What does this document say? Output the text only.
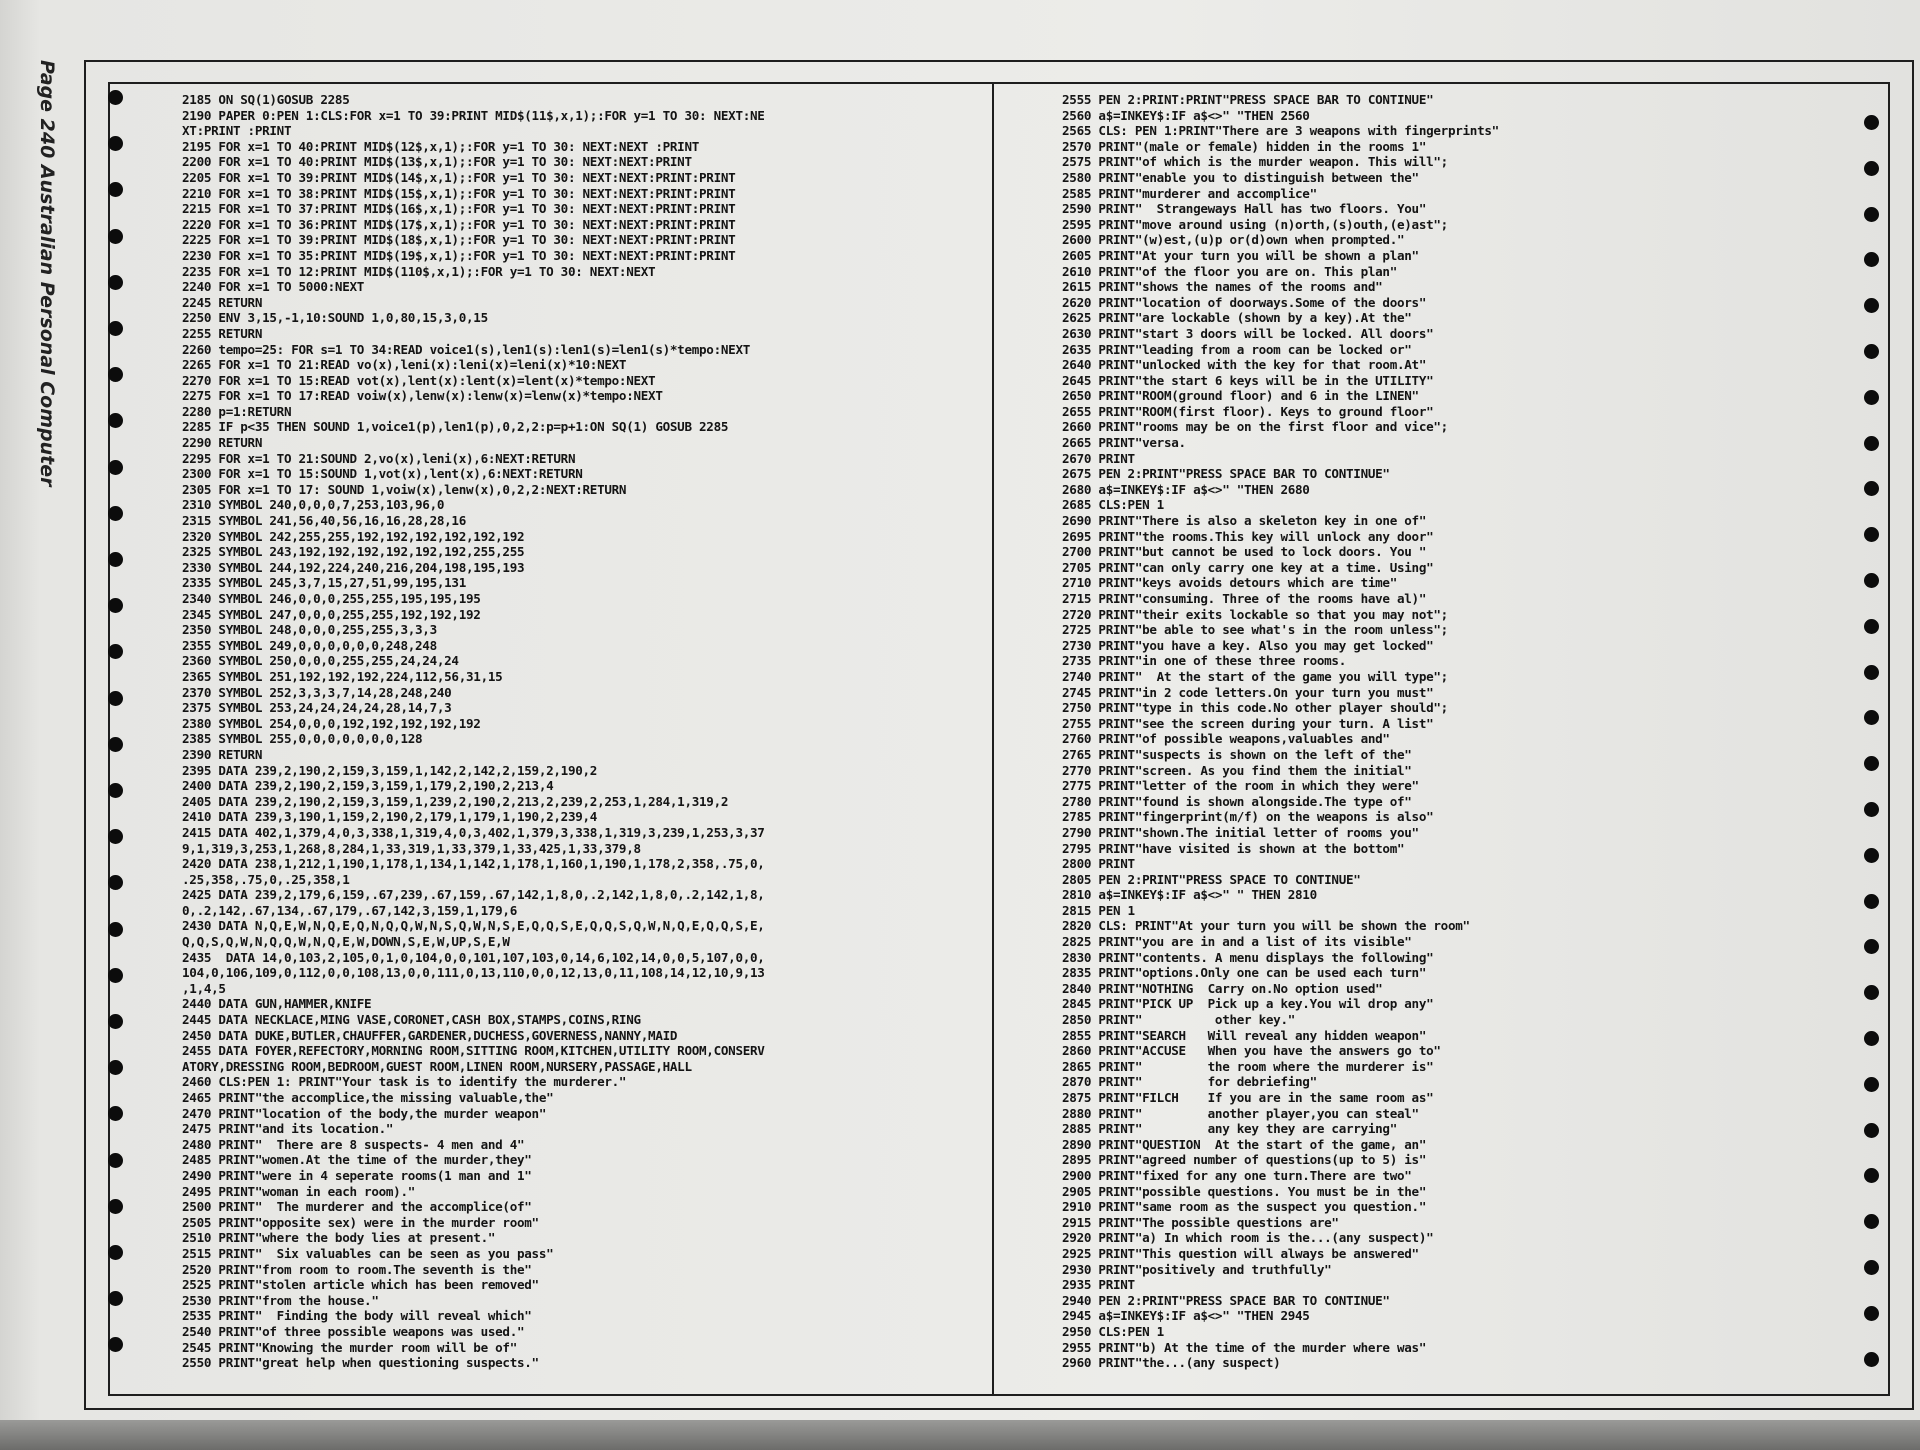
Page 240 Australian Personal Computer	2185 ON SQ(1)GOSUB 2285
2190 PAPER 0:PEN 1:CLS:FOR x=1 TO 39:PRINT MID$(11$,x,1);:FOR y=1 TO 30: NEXT:NE
XT:PRINT :PRINT
2195 FOR x=1 TO 40:PRINT MID$(12$,x,1);:FOR y=1 TO 30: NEXT:NEXT :PRINT
2200 FOR x=1 TO 40:PRINT MID$(13$,x,1);:FOR y=1 TO 30: NEXT:NEXT:PRINT
2205 FOR x=1 TO 39:PRINT MID$(14$,x,1);:FOR y=1 TO 30: NEXT:NEXT:PRINT:PRINT
2210 FOR x=1 TO 38:PRINT MID$(15$,x,1);:FOR y=1 TO 30: NEXT:NEXT:PRINT:PRINT
2215 FOR x=1 TO 37:PRINT MID$(16$,x,1);:FOR y=1 TO 30: NEXT:NEXT:PRINT:PRINT
2220 FOR x=1 TO 36:PRINT MID$(17$,x,1);:FOR y=1 TO 30: NEXT:NEXT:PRINT:PRINT
2225 FOR x=1 TO 39:PRINT MID$(18$,x,1);:FOR y=1 TO 30: NEXT:NEXT:PRINT:PRINT
2230 FOR x=1 TO 35:PRINT MID$(19$,x,1);:FOR y=1 TO 30: NEXT:NEXT:PRINT:PRINT
2235 FOR x=1 TO 12:PRINT MID$(110$,x,1);:FOR y=1 TO 30: NEXT:NEXT
2240 FOR x=1 TO 5000:NEXT
2245 RETURN
2250 ENV 3,15,-1,10:SOUND 1,0,80,15,3,0,15
2255 RETURN
2260 tempo=25: FOR s=1 TO 34:READ voice1(s),len1(s):len1(s)=len1(s)*tempo:NEXT
2265 FOR x=1 TO 21:READ vo(x),leni(x):leni(x)=leni(x)*10:NEXT
2270 FOR x=1 TO 15:READ vot(x),lent(x):lent(x)=lent(x)*tempo:NEXT
2275 FOR x=1 TO 17:READ voiw(x),lenw(x):lenw(x)=lenw(x)*tempo:NEXT
2280 p=1:RETURN
2285 IF p<35 THEN SOUND 1,voice1(p),len1(p),0,2,2:p=p+1:ON SQ(1) GOSUB 2285
2290 RETURN
2295 FOR x=1 TO 21:SOUND 2,vo(x),leni(x),6:NEXT:RETURN
2300 FOR x=1 TO 15:SOUND 1,vot(x),lent(x),6:NEXT:RETURN
2305 FOR x=1 TO 17: SOUND 1,voiw(x),lenw(x),0,2,2:NEXT:RETURN
2310 SYMBOL 240,0,0,0,7,253,103,96,0
2315 SYMBOL 241,56,40,56,16,16,28,28,16
2320 SYMBOL 242,255,255,192,192,192,192,192,192
2325 SYMBOL 243,192,192,192,192,192,192,255,255
2330 SYMBOL 244,192,224,240,216,204,198,195,193
2335 SYMBOL 245,3,7,15,27,51,99,195,131
2340 SYMBOL 246,0,0,0,255,255,195,195,195
2345 SYMBOL 247,0,0,0,255,255,192,192,192
2350 SYMBOL 248,0,0,0,255,255,3,3,3
2355 SYMBOL 249,0,0,0,0,0,0,248,248
2360 SYMBOL 250,0,0,0,255,255,24,24,24
2365 SYMBOL 251,192,192,192,224,112,56,31,15
2370 SYMBOL 252,3,3,3,7,14,28,248,240
2375 SYMBOL 253,24,24,24,24,28,14,7,3
2380 SYMBOL 254,0,0,0,192,192,192,192,192
2385 SYMBOL 255,0,0,0,0,0,0,0,128
2390 RETURN
2395 DATA 239,2,190,2,159,3,159,1,142,2,142,2,159,2,190,2
2400 DATA 239,2,190,2,159,3,159,1,179,2,190,2,213,4
2405 DATA 239,2,190,2,159,3,159,1,239,2,190,2,213,2,239,2,253,1,284,1,319,2
2410 DATA 239,3,190,1,159,2,190,2,179,1,179,1,190,2,239,4
2415 DATA 402,1,379,4,0,3,338,1,319,4,0,3,402,1,379,3,338,1,319,3,239,1,253,3,37
9,1,319,3,253,1,268,8,284,1,33,319,1,33,379,1,33,425,1,33,379,8
2420 DATA 238,1,212,1,190,1,178,1,134,1,142,1,178,1,160,1,190,1,178,2,358,.75,0,
.25,358,.75,0,.25,358,1
2425 DATA 239,2,179,6,159,.67,239,.67,159,.67,142,1,8,0,.2,142,1,8,0,.2,142,1,8,
0,.2,142,.67,134,.67,179,.67,142,3,159,1,179,6
2430 DATA N,Q,E,W,N,Q,E,Q,N,Q,Q,W,N,S,Q,W,N,S,E,Q,Q,S,E,Q,Q,S,Q,W,N,Q,E,Q,Q,S,E,
Q,Q,S,Q,W,N,Q,Q,W,N,Q,E,W,DOWN,S,E,W,UP,S,E,W
2435  DATA 14,0,103,2,105,0,1,0,104,0,0,101,107,103,0,14,6,102,14,0,0,5,107,0,0,
104,0,106,109,0,112,0,0,108,13,0,0,111,0,13,110,0,0,12,13,0,11,108,14,12,10,9,13
,1,4,5
2440 DATA GUN,HAMMER,KNIFE
2445 DATA NECKLACE,MING VASE,CORONET,CASH BOX,STAMPS,COINS,RING
2450 DATA DUKE,BUTLER,CHAUFFER,GARDENER,DUCHESS,GOVERNESS,NANNY,MAID
2455 DATA FOYER,REFECTORY,MORNING ROOM,SITTING ROOM,KITCHEN,UTILITY ROOM,CONSERV
ATORY,DRESSING ROOM,BEDROOM,GUEST ROOM,LINEN ROOM,NURSERY,PASSAGE,HALL
2460 CLS:PEN 1: PRINT"Your task is to identify the murderer."
2465 PRINT"the accomplice,the missing valuable,the"
2470 PRINT"location of the body,the murder weapon"
2475 PRINT"and its location."
2480 PRINT"  There are 8 suspects- 4 men and 4"
2485 PRINT"women.At the time of the murder,they"
2490 PRINT"were in 4 seperate rooms(1 man and 1"
2495 PRINT"woman in each room)."
2500 PRINT"  The murderer and the accomplice(of"
2505 PRINT"opposite sex) were in the murder room"
2510 PRINT"where the body lies at present."
2515 PRINT"  Six valuables can be seen as you pass"
2520 PRINT"from room to room.The seventh is the"
2525 PRINT"stolen article which has been removed"
2530 PRINT"from the house."
2535 PRINT"  Finding the body will reveal which"
2540 PRINT"of three possible weapons was used."
2545 PRINT"Knowing the murder room will be of"
2550 PRINT"great help when questioning suspects."
2555 PEN 2:PRINT:PRINT"PRESS SPACE BAR TO CONTINUE"
2560 a$=INKEY$:IF a$<>" "THEN 2560
2565 CLS: PEN 1:PRINT"There are 3 weapons with fingerprints"
2570 PRINT"(male or female) hidden in the rooms 1"
2575 PRINT"of which is the murder weapon. This will";
2580 PRINT"enable you to distinguish between the"
2585 PRINT"murderer and accomplice"
2590 PRINT"  Strangeways Hall has two floors. You"
2595 PRINT"move around using (n)orth,(s)outh,(e)ast";
2600 PRINT"(w)est,(u)p or(d)own when prompted."
2605 PRINT"At your turn you will be shown a plan"
2610 PRINT"of the floor you are on. This plan"
2615 PRINT"shows the names of the rooms and"
2620 PRINT"location of doorways.Some of the doors"
2625 PRINT"are lockable (shown by a key).At the"
2630 PRINT"start 3 doors will be locked. All doors"
2635 PRINT"leading from a room can be locked or"
2640 PRINT"unlocked with the key for that room.At"
2645 PRINT"the start 6 keys will be in the UTILITY"
2650 PRINT"ROOM(ground floor) and 6 in the LINEN"
2655 PRINT"ROOM(first floor). Keys to ground floor"
2660 PRINT"rooms may be on the first floor and vice";
2665 PRINT"versa.
2670 PRINT
2675 PEN 2:PRINT"PRESS SPACE BAR TO CONTINUE"
2680 a$=INKEY$:IF a$<>" "THEN 2680
2685 CLS:PEN 1
2690 PRINT"There is also a skeleton key in one of"
2695 PRINT"the rooms.This key will unlock any door"
2700 PRINT"but cannot be used to lock doors. You "
2705 PRINT"can only carry one key at a time. Using"
2710 PRINT"keys avoids detours which are time"
2715 PRINT"consuming. Three of the rooms have al)"
2720 PRINT"their exits lockable so that you may not";
2725 PRINT"be able to see what's in the room unless";
2730 PRINT"you have a key. Also you may get locked"
2735 PRINT"in one of these three rooms.
2740 PRINT"  At the start of the game you will type";
2745 PRINT"in 2 code letters.On your turn you must"
2750 PRINT"type in this code.No other player should";
2755 PRINT"see the screen during your turn. A list"
2760 PRINT"of possible weapons,valuables and"
2765 PRINT"suspects is shown on the left of the"
2770 PRINT"screen. As you find them the initial"
2775 PRINT"letter of the room in which they were"
2780 PRINT"found is shown alongside.The type of"
2785 PRINT"fingerprint(m/f) on the weapons is also"
2790 PRINT"shown.The initial letter of rooms you"
2795 PRINT"have visited is shown at the bottom"
2800 PRINT
2805 PEN 2:PRINT"PRESS SPACE TO CONTINUE"
2810 a$=INKEY$:IF a$<>" " THEN 2810
2815 PEN 1
2820 CLS: PRINT"At your turn you will be shown the room"
2825 PRINT"you are in and a list of its visible"
2830 PRINT"contents. A menu displays the following"
2835 PRINT"options.Only one can be used each turn"
2840 PRINT"NOTHING  Carry on.No option used"
2845 PRINT"PICK UP  Pick up a key.You wil drop any"
2850 PRINT"          other key."
2855 PRINT"SEARCH   Will reveal any hidden weapon"
2860 PRINT"ACCUSE   When you have the answers go to"
2865 PRINT"         the room where the murderer is"
2870 PRINT"         for debriefing"
2875 PRINT"FILCH    If you are in the same room as"
2880 PRINT"         another player,you can steal"
2885 PRINT"         any key they are carrying"
2890 PRINT"QUESTION  At the start of the game, an"
2895 PRINT"agreed number of questions(up to 5) is"
2900 PRINT"fixed for any one turn.There are two"
2905 PRINT"possible questions. You must be in the"
2910 PRINT"same room as the suspect you question."
2915 PRINT"The possible questions are"
2920 PRINT"a) In which room is the...(any suspect)"
2925 PRINT"This question will always be answered"
2930 PRINT"positively and truthfully"
2935 PRINT
2940 PEN 2:PRINT"PRESS SPACE BAR TO CONTINUE"
2945 a$=INKEY$:IF a$<>" "THEN 2945
2950 CLS:PEN 1
2955 PRINT"b) At the time of the murder where was"
2960 PRINT"the...(any suspect)
